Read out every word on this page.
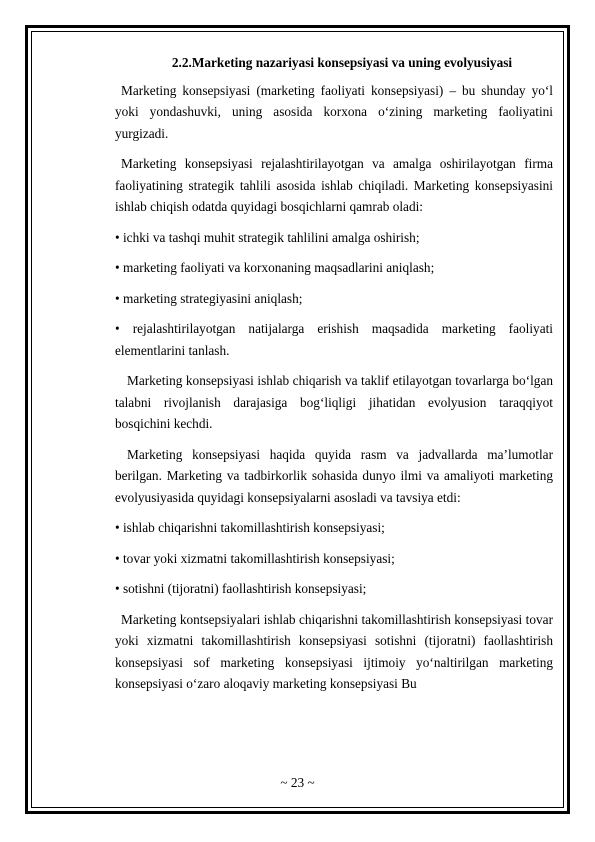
2.2.Marketing nazariyasi konsepsiyasi va uning evolyusiyasi

Marketing konsepsiyasi (marketing faoliyati konsepsiyasi) – bu shunday yo‘l yoki yondashuvki, uning asosida korxona o‘zining marketing faoliyatini yurgizadi.

Marketing konsepsiyasi rejalashtirilayotgan va amalga oshirilayotgan firma faoliyatining strategik tahlili asosida ishlab chiqiladi. Marketing konsepsiyasini ishlab chiqish odatda quyidagi bosqichlarni qamrab oladi:

• ichki va tashqi muhit strategik tahlilini amalga oshirish;

• marketing faoliyati va korxonaning maqsadlarini aniqlash;

• marketing strategiyasini aniqlash;

• rejalashtirilayotgan natijalarga erishish maqsadida marketing faoliyati elementlarini tanlash.

Marketing konsepsiyasi ishlab chiqarish va taklif etilayotgan tovarlarga bo‘lgan talabni rivojlanish darajasiga bog‘liqligi jihatidan evolyusion taraqqiyot bosqichini kechdi.

Marketing konsepsiyasi haqida quyida rasm va jadvallarda ma’lumotlar berilgan. Marketing va tadbirkorlik sohasida dunyo ilmi va amaliyoti marketing evolyusiyasida quyidagi konsepsiyalarni asosladi va tavsiya etdi:

• ishlab chiqarishni takomillashtirish konsepsiyasi;

• tovar yoki xizmatni takomillashtirish konsepsiyasi;

• sotishni (tijoratni) faollashtirish konsepsiyasi;

Marketing kontsepsiyalari ishlab chiqarishni takomillashtirish konsepsiyasi tovar yoki xizmatni takomillashtirish konsepsiyasi sotishni (tijoratni) faollashtirish konsepsiyasi sof marketing konsepsiyasi ijtimoiy yo‘naltirilgan marketing konsepsiyasi o‘zaro aloqaviy marketing konsepsiyasi Bu

~ 23 ~
